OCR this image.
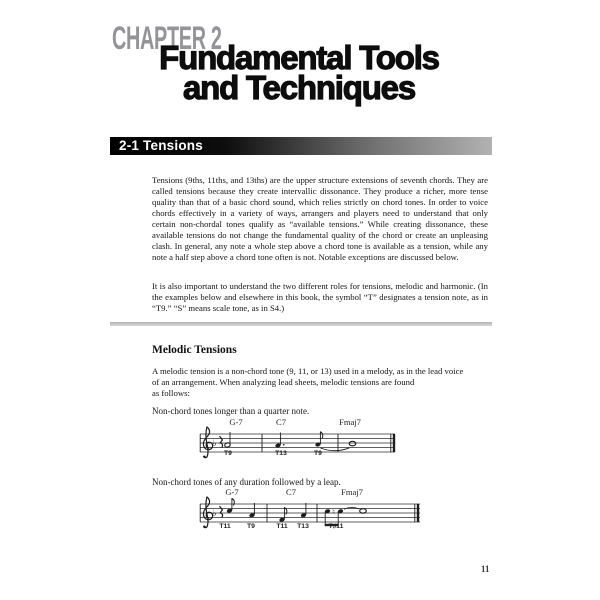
CHAPTER 2
Fundamental Tools
and Techniques
2-1 Tensions
Tensions (9ths, 11ths, and 13ths) are the upper structure extensions of seventh chords. They are called tensions because they create intervallic dissonance. They produce a richer, more tense quality than that of a basic chord sound, which relies strictly on chord tones. In order to voice chords effectively in a variety of ways, arrangers and players need to understand that only certain non-chordal tones qualify as “available tensions.” While creating dissonance, these available tensions do not change the fundamental quality of the chord or create an unpleasing clash. In general, any note a whole step above a chord tone is available as a tension, while any note a half step above a chord tone often is not. Notable exceptions are discussed below.
It is also important to understand the two different roles for tensions, melodic and harmonic. (In the examples below and elsewhere in this book, the symbol “T” designates a tension note, as in “T9.” “S” means scale tone, as in S4.)
Melodic Tensions
A melodic tension is a non-chord tone (9, 11, or 13) used in a melody, as in the lead voice
of an arrangement. When analyzing lead sheets, melodic tensions are found
as follows:
Non-chord tones longer than a quarter note.
♭
G-7	C7	Fmaj7
T9	T13	T9
Non-chord tones of any duration followed by a leap.
♭	♮
G-7	C7	Fmaj7
T11 T9	T11 T13	T♯11
11
